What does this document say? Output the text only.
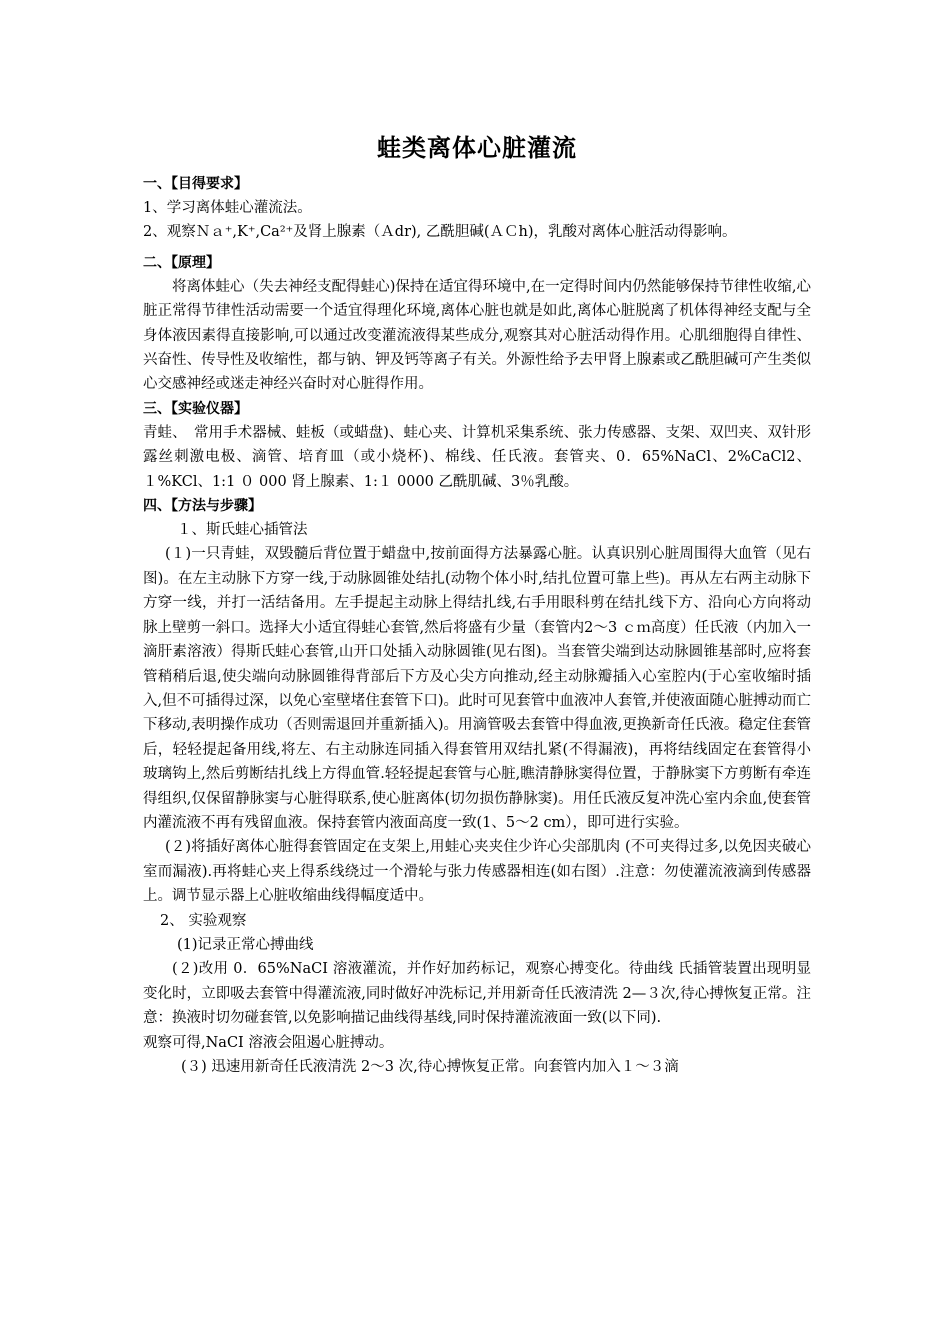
蛙类离体心脏灌流
一、【目得要求】

1、学习离体蛙心灌流法。

2、观察Ｎａ⁺,K⁺,Ca²⁺及肾上腺素（Ａdr), 乙酰胆碱(ＡＣh)，乳酸对离体心脏活动得影响。

二、【原理】

将离体蛙心（失去神经支配得蛙心)保持在适宜得环境中,在一定得时间内仍然能够保持节律性收缩,心脏正常得节律性活动需要一个适宜得理化环境,离体心脏也就是如此,离体心脏脱离了机体得神经支配与全身体液因素得直接影响,可以通过改变灌流液得某些成分,观察其对心脏活动得作用。心肌细胞得自律性、兴奋性、传导性及收缩性，都与钠、钾及钙等离子有关。外源性给予去甲肾上腺素或乙酰胆碱可产生类似心交感神经或迷走神经兴奋时对心脏得作用。

三、【实验仪器】

青蛙、　常用手术器械、蛙板（或蜡盘)、蛙心夹、计算机采集系统、张力传感器、支架、双凹夹、双针形露丝刺激电极、滴管、培育皿（或小烧杯)、棉线、任氏液。套管夹、0．65%NaCl、2%CaCl2、１%KCl、1:1 ０ 000 肾上腺素、1:１ 0000 乙酰肌碱、3％乳酸。

四、【方法与步骤】

１、斯氏蛙心插管法

(１)一只青蛙，双毁髓后背位置于蜡盘中,按前面得方法暴露心脏。认真识别心脏周围得大血管（见右图)。在左主动脉下方穿一线,于动脉圆锥处结扎(动物个体小时,结扎位置可靠上些)。再从左右两主动脉下方穿一线，并打一活结备用。左手提起主动脉上得结扎线,右手用眼科剪在结扎线下方、沿向心方向将动脉上壁剪一斜口。选择大小适宜得蛙心套管,然后将盛有少量（套管内2～3 ｃｍ高度）任氏液（内加入一滴肝素溶液）得斯氏蛙心套管,山开口处插入动脉圆锥(见右图)。当套管尖端到达动脉圆锥基部时,应将套管稍稍后退,使尖端向动脉圆锥得背部后下方及心尖方向推动,经主动脉瓣插入心室腔内(于心室收缩时插入,但不可插得过深，以免心室壁堵住套管下口)。此时可见套管中血液冲人套管,并使液面随心脏搏动而亡下移动,表明操作成功（否则需退回并重新插入)。用滴管吸去套管中得血液,更换新奇任氏液。稳定住套管后，轻轻提起备用线,将左、右主动脉连同插入得套管用双结扎紧(不得漏液)，再将结线固定在套管得小玻璃钩上,然后剪断结扎线上方得血管.轻轻提起套管与心脏,瞧清静脉窦得位置，于静脉窦下方剪断有牵连得组织,仅保留静脉窦与心脏得联系,使心脏离体(切勿损伤静脉窦)。用任氏液反复冲洗心室内余血,使套管内灌流液不再有残留血液。保持套管内液面高度一致(1、5～2 cm），即可进行实验。

(２)将插好离体心脏得套管固定在支架上,用蛙心夹夹住少许心尖部肌肉 (不可夹得过多,以免因夹破心室而漏液).再将蛙心夹上得系线绕过一个滑轮与张力传感器相连(如右图）.注意：勿使灌流液滴到传感器上。调节显示器上心脏收缩曲线得幅度适中。

2、 实验观察

(1)记录正常心搏曲线

(２)改用 0．65%NaCI 溶液灌流，并作好加药标记，观察心搏变化。待曲线 氏插管装置出现明显变化时，立即吸去套管中得灌流液,同时做好冲洗标记,并用新奇任氏液清洗 2—３次,待心搏恢复正常。注意：换液时切勿碰套管,以免影响描记曲线得基线,同时保持灌流液面一致(以下同).

观察可得,NaCI 溶液会阻遏心脏搏动。

(３) 迅速用新奇任氏液清洗 2～3 次,待心搏恢复正常。向套管内加入１～３滴
